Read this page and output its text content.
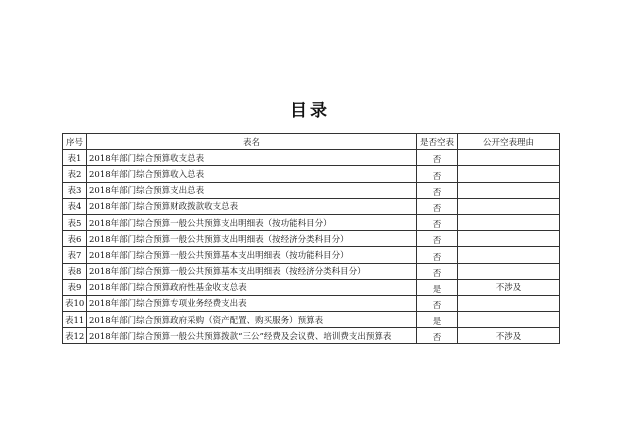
目录
序号	表名	是否空表	公开空表理由
表1	2018年部门综合预算收支总表	否	
表2	2018年部门综合预算收入总表	否	
表3	2018年部门综合预算支出总表	否	
表4	2018年部门综合预算财政拨款收支总表	否	
表5	2018年部门综合预算一般公共预算支出明细表（按功能科目分）	否	
表6	2018年部门综合预算一般公共预算支出明细表（按经济分类科目分）	否	
表7	2018年部门综合预算一般公共预算基本支出明细表（按功能科目分）	否	
表8	2018年部门综合预算一般公共预算基本支出明细表（按经济分类科目分）	否	
表9	2018年部门综合预算政府性基金收支总表	是	不涉及
表10	2018年部门综合预算专项业务经费支出表	否	
表11	2018年部门综合预算政府采购（资产配置、购买服务）预算表	是	
表12	2018年部门综合预算一般公共预算拨款“三公”经费及会议费、培训费支出预算表	否	不涉及
